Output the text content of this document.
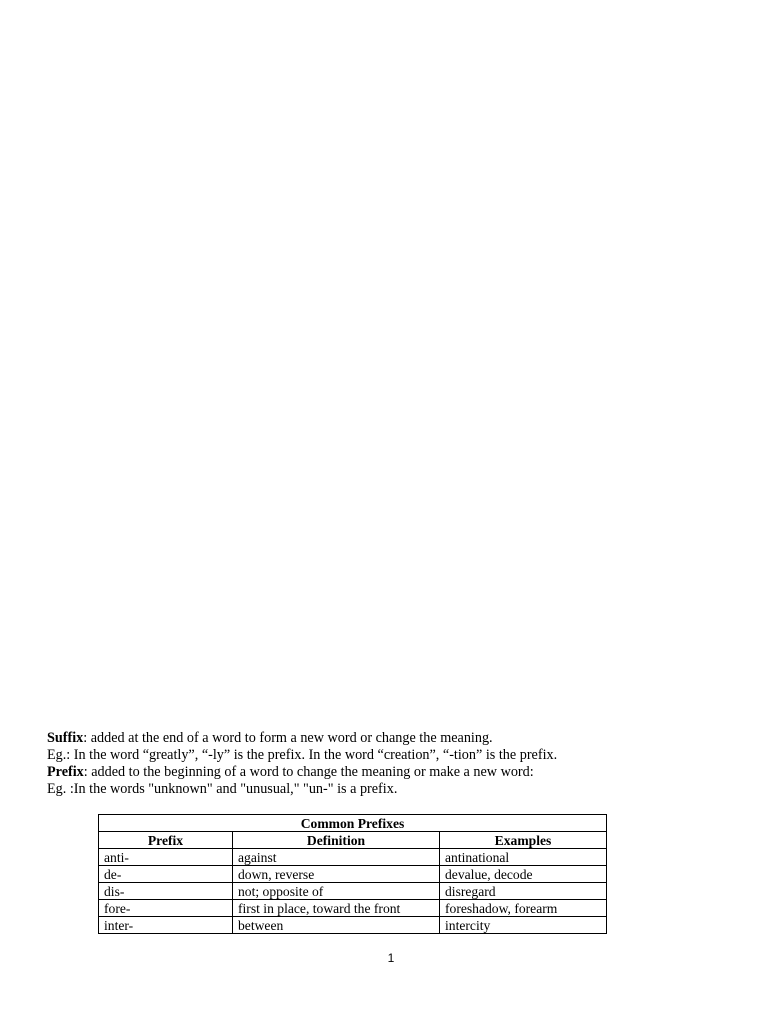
Suffix: added at the end of a word to form a new word or change the meaning.
Eg.: In the word “greatly”, “-ly” is the prefix. In the word “creation”, “-tion” is the prefix.
Prefix: added to the beginning of a word to change the meaning or make a new word:
Eg. :In the words "unknown" and "unusual," "un-" is a prefix.
Common Prefixes		
Prefix	Definition	Examples
anti-	against	antinational
de-	down, reverse	devalue, decode
dis-	not; opposite of	disregard
fore-	first in place, toward the front	foreshadow, forearm
inter-	between	intercity
1
